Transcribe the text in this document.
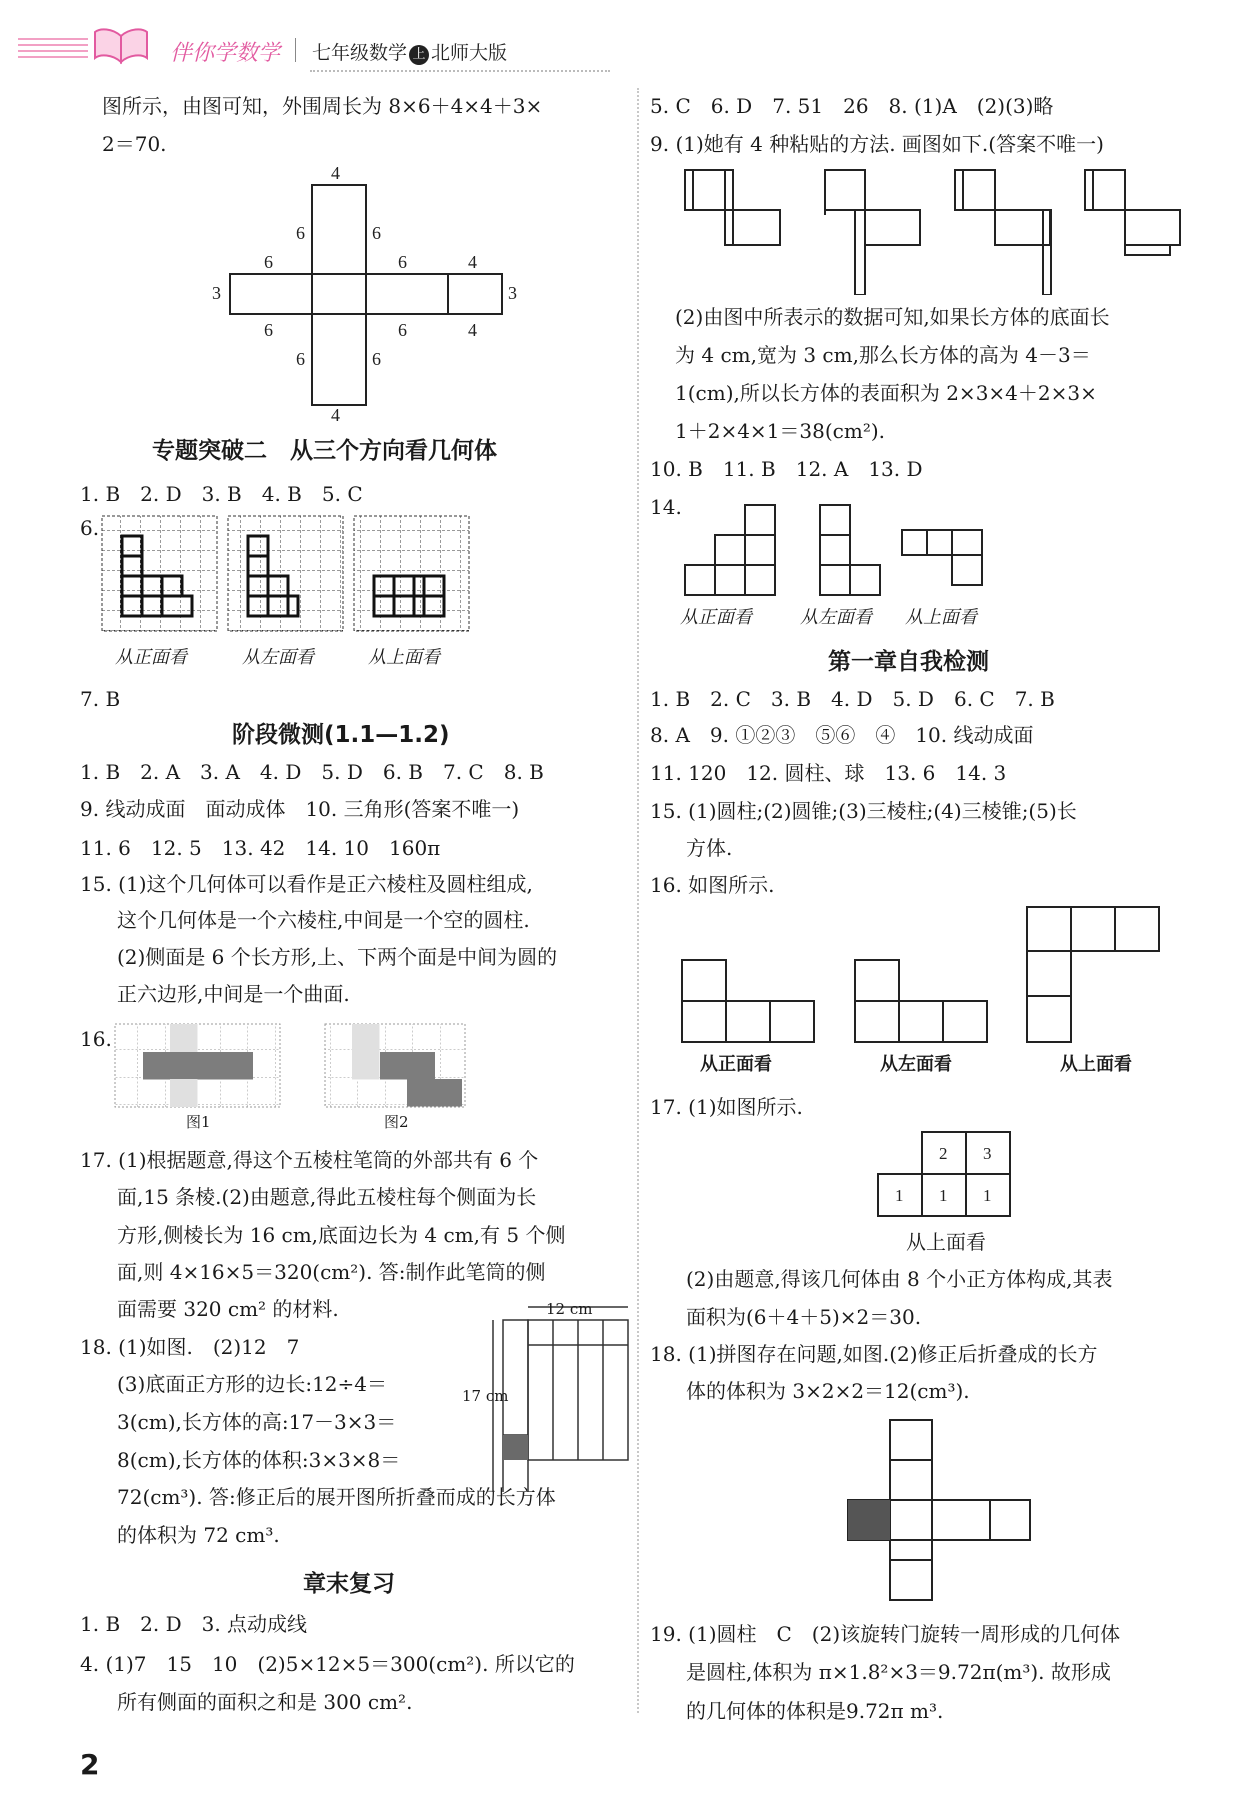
伴你学数学 七年级数学 上 北师大版
图所示，由图可知，外围周长为 8×6＋4×4＋3×
2＝70.
1. B　2. D　3. B　4. B　5. C
6.
7. B
1. B　2. A　3. A　4. D　5. D　6. B　7. C　8. B
9. 线动成面　面动成体　10. 三角形(答案不唯一)
11. 6　12. 5　13. 42　14. 10　160π
15. (1)这个几何体可以看作是正六棱柱及圆柱组成,
这个几何体是一个六棱柱,中间是一个空的圆柱.
(2)侧面是 6 个长方形,上、下两个面是中间为圆的
正六边形,中间是一个曲面.
16.
17. (1)根据题意,得这个五棱柱笔筒的外部共有 6 个
面,15 条棱.(2)由题意,得此五棱柱每个侧面为长
方形,侧棱长为 16 cm,底面边长为 4 cm,有 5 个侧
面,则 4×16×5＝320(cm²). 答:制作此笔筒的侧
面需要 320 cm² 的材料.
18. (1)如图.　(2)12　7
(3)底面正方形的边长:12÷4＝
3(cm),长方体的高:17－3×3＝
8(cm),长方体的体积:3×3×8＝
72(cm³). 答:修正后的展开图所折叠而成的长方体
的体积为 72 cm³.
1. B　2. D　3. 点动成线
4. (1)7　15　10　(2)5×12×5＝300(cm²). 所以它的
所有侧面的面积之和是 300 cm².
5. C　6. D　7. 51　26　8. (1)A　(2)(3)略
9. (1)她有 4 种粘贴的方法. 画图如下.(答案不唯一)
(2)由图中所表示的数据可知,如果长方体的底面长
为 4 cm,宽为 3 cm,那么长方体的高为 4－3＝
1(cm),所以长方体的表面积为 2×3×4＋2×3×
1＋2×4×1＝38(cm²).
10. B　11. B　12. A　13. D
14.
1. B　2. C　3. B　4. D　5. D　6. C　7. B
8. A　9. ①②③　⑤⑥　④　10. 线动成面
11. 120　12. 圆柱、球　13. 6　14. 3
15. (1)圆柱;(2)圆锥;(3)三棱柱;(4)三棱锥;(5)长
方体.
16. 如图所示.
17. (1)如图所示.
(2)由题意,得该几何体由 8 个小正方体构成,其表
面积为(6＋4＋5)×2＝30.
18. (1)拼图存在问题,如图.(2)修正后折叠成的长方
体的体积为 3×2×2＝12(cm³).
19. (1)圆柱　C　(2)该旋转门旋转一周形成的几何体
是圆柱,体积为 π×1.8²×3＝9.72π(m³). 故形成
的几何体的体积是9.72π m³.
专题突破二　从三个方向看几何体
阶段微测(1.1—1.2)
章末复习
第一章自我检测
4
6	6
6	6	4
3	3
6	6	4
6	6
4
从正面看	从左面看	从上面看
图1	图2
12 cm
17 cm
从正面看	从左面看 从上面看
从正面看	从左面看	从上面看
2 3
1 1 1
从上面看
2
